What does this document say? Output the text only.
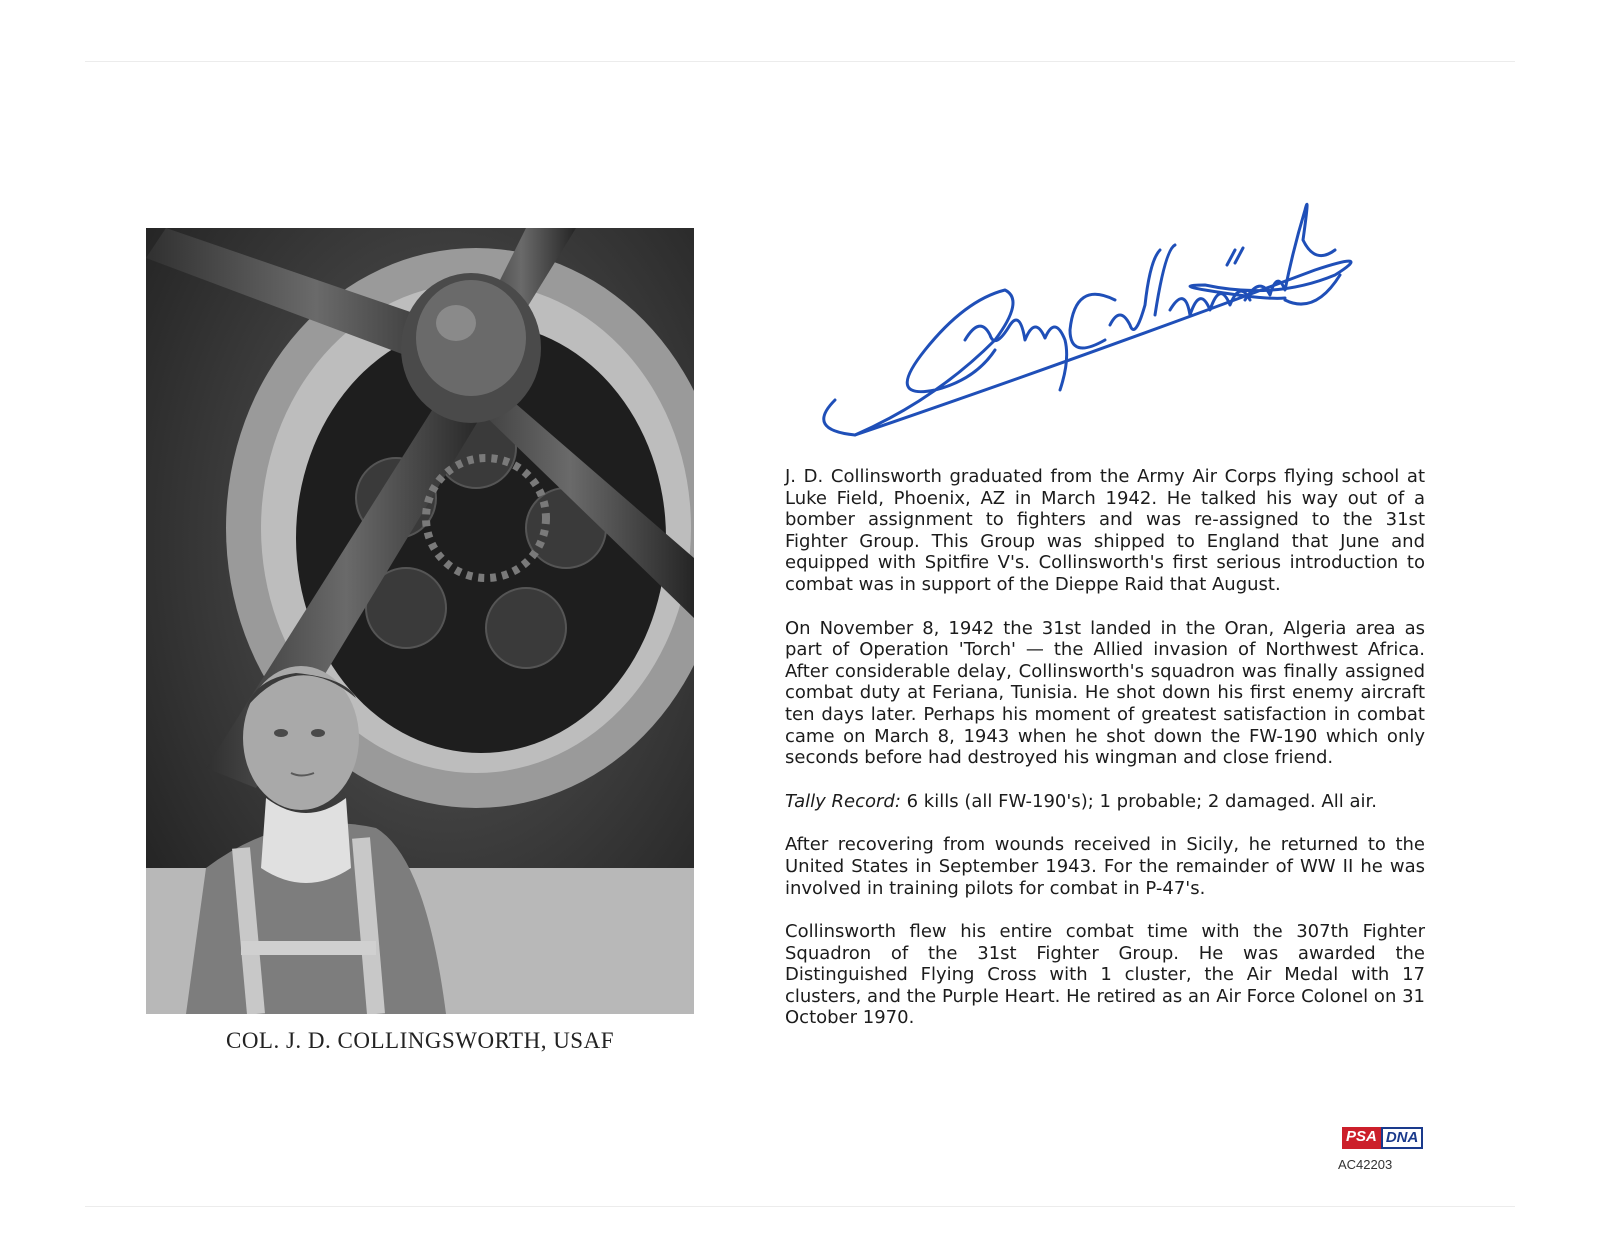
COL. J. D. COLLINGSWORTH, USAF

J. D. Collinsworth graduated from the Army Air Corps flying school at Luke Field, Phoenix, AZ in March 1942. He talked his way out of a bomber assignment to fighters and was re-assigned to the 31st Fighter Group. This Group was shipped to England that June and equipped with Spitfire V's. Collinsworth's first serious introduction to combat was in support of the Dieppe Raid that August.

On November 8, 1942 the 31st landed in the Oran, Algeria area as part of Operation 'Torch' — the Allied invasion of Northwest Africa. After considerable delay, Collinsworth's squadron was finally assigned combat duty at Feriana, Tunisia. He shot down his first enemy aircraft ten days later. Perhaps his moment of greatest satisfaction in combat came on March 8, 1943 when he shot down the FW-190 which only seconds before had destroyed his wingman and close friend.

Tally Record: 6 kills (all FW-190's); 1 probable; 2 damaged. All air.

After recovering from wounds received in Sicily, he returned to the United States in September 1943. For the remainder of WW II he was involved in training pilots for combat in P-47's.

Collinsworth flew his entire combat time with the 307th Fighter Squadron of the 31st Fighter Group. He was awarded the Distinguished Flying Cross with 1 cluster, the Air Medal with 17 clusters, and the Purple Heart. He retired as an Air Force Colonel on 31 October 1970.

PSA DNA
AC42203
